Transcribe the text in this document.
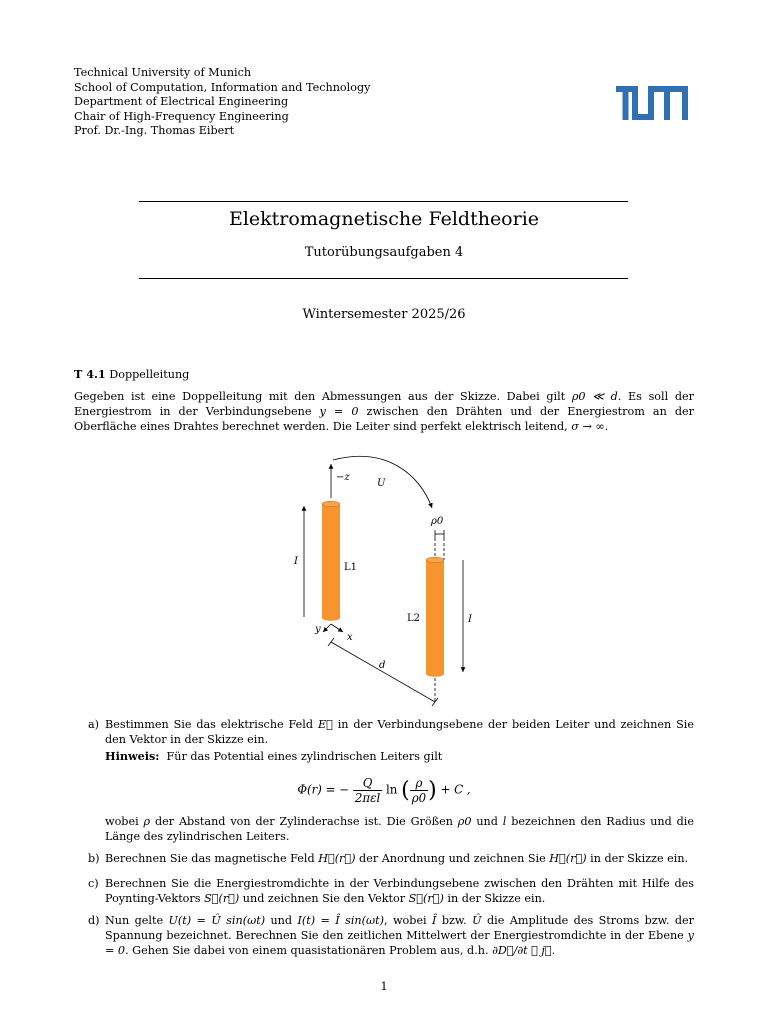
Technical University of Munich
School of Computation, Information and Technology
Department of Electrical Engineering
Chair of High-Frequency Engineering
Prof. Dr.-Ing. Thomas Eibert
Elektromagnetische Feldtheorie
Tutorübungsaufgaben 4
Wintersemester 2025/26
T 4.1 Doppelleitung
Gegeben ist eine Doppelleitung mit den Abmessungen aus der Skizze. Dabei gilt ρ0 ≪ d. Es soll der Energiestrom in der Verbindungsebene y = 0 zwischen den Drähten und der Energiestrom an der Oberfläche eines Drahtes berechnet werden. Die Leiter sind perfekt elektrisch leitend, σ → ∞.
−z
U
I
L1
y
x
ρ0
L2	I
d
a) Bestimmen Sie das elektrische Feld E⃗ in der Verbindungsebene der beiden Leiter und zeichnen Sie den Vektor in der Skizze ein.
Hinweis: Für das Potential eines zylindrischen Leiters gilt
Φ(r) = − $\frac{Q}{\text{2πεl}}$ ln ( $\frac{\rho}{\rho 0}$ ) + C ,
wobei ρ der Abstand von der Zylinderachse ist. Die Größen ρ0 und l bezeichnen den Radius und die Länge des zylindrischen Leiters.
b) Berechnen Sie das magnetische Feld H⃗(r⃗) der Anordnung und zeichnen Sie H⃗(r⃗) in der Skizze ein.
c) Berechnen Sie die Energiestromdichte in der Verbindungsebene zwischen den Drähten mit Hilfe des Poynting-Vektors S⃗(r⃗) und zeichnen Sie den Vektor S⃗(r⃗) in der Skizze ein.
d) Nun gelte U(t) = Û sin(ωt) und I(t) = Î sin(ωt), wobei Î bzw. Û die Amplitude des Stroms bzw. der Spannung bezeichnet. Berechnen Sie den zeitlichen Mittelwert der Energiestromdichte in der Ebene y = 0. Gehen Sie dabei von einem quasistationären Problem aus, d.h. ∂D⃗/∂t ≪ j⃗.
1
